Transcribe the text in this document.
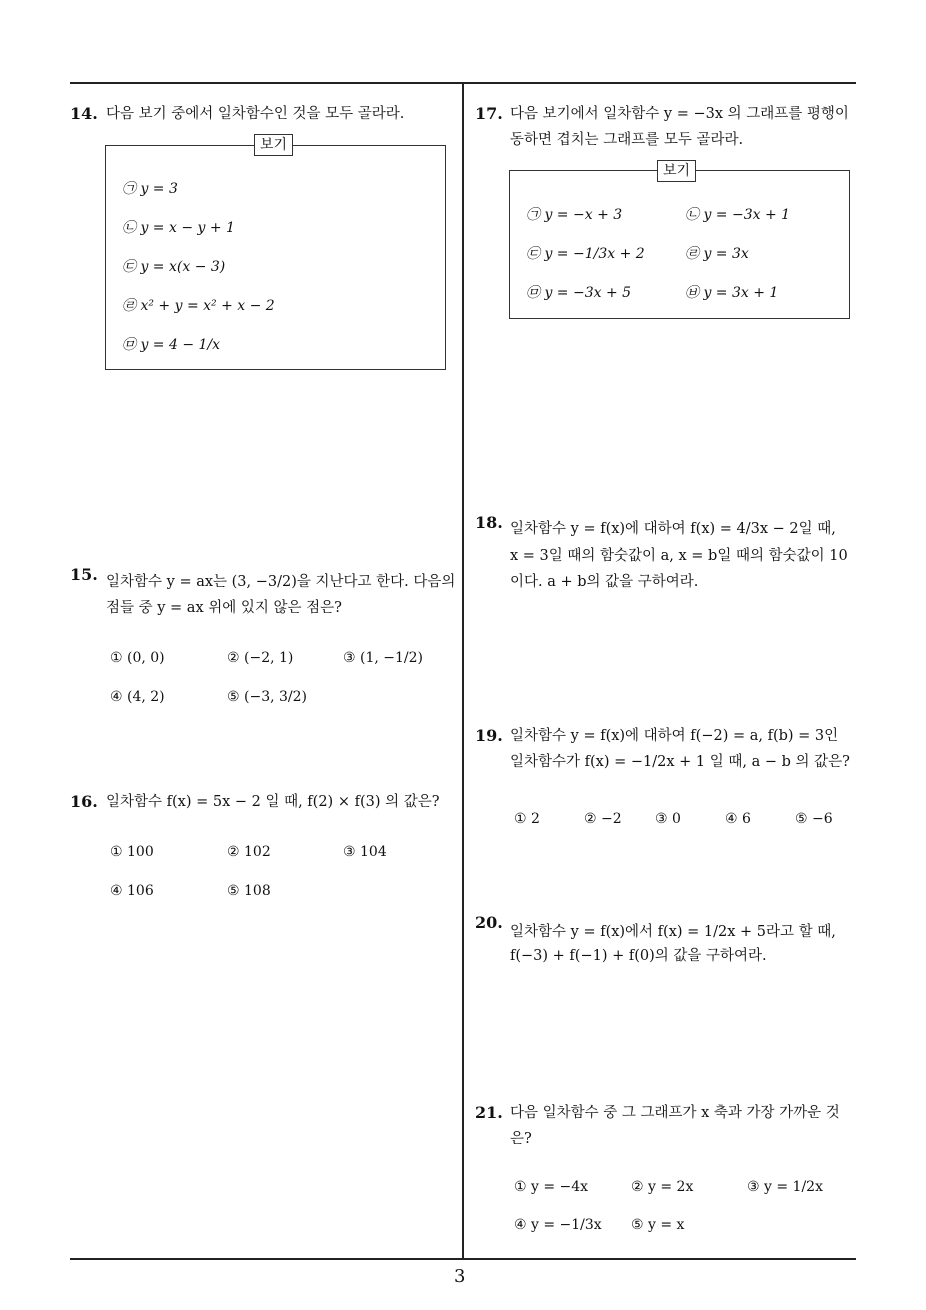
14. 다음 보기 중에서 일차함수인 것을 모두 골라라.
보기
㉠ y = 3
㉡ y = x − y + 1
㉢ y = x(x − 3)
㉣ x² + y = x² + x − 2
㉤ y = 4 − 1/x
15. 일차함수 y = ax는 (3, −3/2)을 지난다고 한다. 다음의
점들 중 y = ax 위에 있지 않은 점은?
① (0, 0)	② (−2, 1)	③ (1, −1/2)
④ (4, 2)	⑤ (−3, 3/2)
16. 일차함수 f(x) = 5x − 2 일 때, f(2) × f(3) 의 값은?
① 100	② 102	③ 104
④ 106	⑤ 108
17. 다음 보기에서 일차함수 y = −3x 의 그래프를 평행이
동하면 겹치는 그래프를 모두 골라라.
보기
㉠ y = −x + 3	㉡ y = −3x + 1
㉢ y = −1/3x + 2	㉣ y = 3x
㉤ y = −3x + 5	㉥ y = 3x + 1
18. 일차함수 y = f(x)에 대하여 f(x) = 4/3x − 2일 때,
x = 3일 때의 함숫값이 a, x = b일 때의 함숫값이 10
이다. a + b의 값을 구하여라.
19. 일차함수 y = f(x)에 대하여 f(−2) = a, f(b) = 3인
일차함수가 f(x) = −1/2x + 1 일 때, a − b 의 값은?
① 2	② −2 ③ 0	④ 6	⑤ −6
20. 일차함수 y = f(x)에서 f(x) = 1/2x + 5라고 할 때,
f(−3) + f(−1) + f(0)의 값을 구하여라.
21. 다음 일차함수 중 그 그래프가 x 축과 가장 가까운 것
은?
① y = −4x	② y = 2x	③ y = 1/2x
④ y = −1/3x ⑤ y = x
3
